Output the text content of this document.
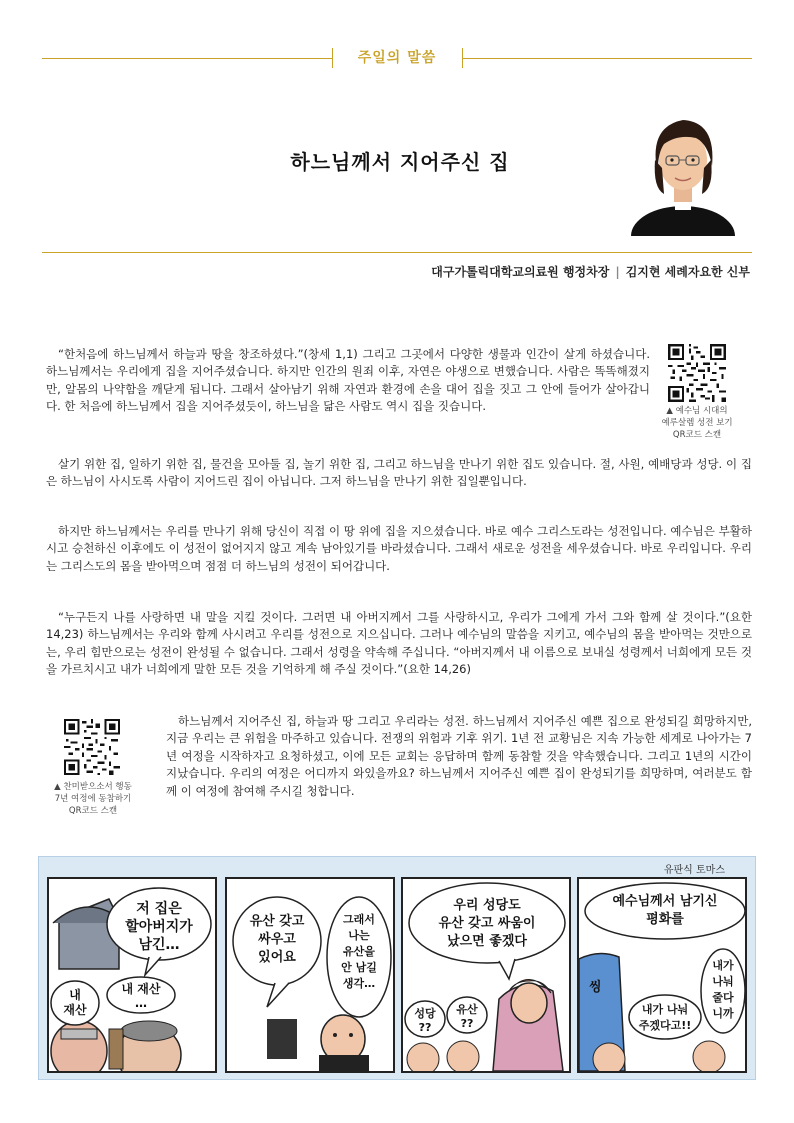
주일의 말씀
하느님께서 지어주신 집
대구가톨릭대학교의료원 행정차장 | 김지현 세례자요한 신부
“한처음에 하느님께서 하늘과 땅을 창조하셨다.”(창세 1,1) 그리고 그곳에서 다양한 생물과 인간이 살게 하셨습니다. 하느님께서는 우리에게 집을 지어주셨습니다. 하지만 인간의 원죄 이후, 자연은 야생으로 변했습니다. 사람은 똑똑해졌지만, 알몸의 나약함을 깨닫게 됩니다. 그래서 살아남기 위해 자연과 환경에 손을 대어 집을 짓고 그 안에 들어가 살아갑니다. 한 처음에 하느님께서 집을 지어주셨듯이, 하느님을 닮은 사람도 역시 집을 짓습니다.	▲ 예수님 시대의
예루살렘 성전 보기
QR코드 스캔
살기 위한 집, 일하기 위한 집, 물건을 모아둘 집, 놀기 위한 집, 그리고 하느님을 만나기 위한 집도 있습니다. 절, 사원, 예배당과 성당. 이 집은 하느님이 사시도록 사람이 지어드린 집이 아닙니다. 그저 하느님을 만나기 위한 집일뿐입니다.
하지만 하느님께서는 우리를 만나기 위해 당신이 직접 이 땅 위에 집을 지으셨습니다. 바로 예수 그리스도라는 성전입니다. 예수님은 부활하시고 승천하신 이후에도 이 성전이 없어지지 않고 계속 남아있기를 바라셨습니다. 그래서 새로운 성전을 세우셨습니다. 바로 우리입니다. 우리는 그리스도의 몸을 받아먹으며 점점 더 하느님의 성전이 되어갑니다.
“누구든지 나를 사랑하면 내 말을 지킬 것이다. 그러면 내 아버지께서 그를 사랑하시고, 우리가 그에게 가서 그와 함께 살 것이다.”(요한 14,23) 하느님께서는 우리와 함께 사시려고 우리를 성전으로 지으십니다. 그러나 예수님의 말씀을 지키고, 예수님의 몸을 받아먹는 것만으로는, 우리 힘만으로는 성전이 완성될 수 없습니다. 그래서 성령을 약속해 주십니다. “아버지께서 내 이름으로 보내실 성령께서 너희에게 모든 것을 가르치시고 내가 너희에게 말한 모든 것을 기억하게 해 주실 것이다.”(요한 14,26)
▲ 찬미받으소서 행동
7년 여정에 동참하기
QR코드 스캔
하느님께서 지어주신 집, 하늘과 땅 그리고 우리라는 성전. 하느님께서 지어주신 예쁜 집으로 완성되길 희망하지만, 지금 우리는 큰 위험을 마주하고 있습니다. 전쟁의 위험과 기후 위기. 1년 전 교황님은 지속 가능한 세계로 나아가는 7년 여정을 시작하자고 요청하셨고, 이에 모든 교회는 응답하며 함께 동참할 것을 약속했습니다. 그리고 1년의 시간이 지났습니다. 우리의 여정은 어디까지 와있을까요? 하느님께서 지어주신 예쁜 집이 완성되기를 희망하며, 여러분도 함께 이 여정에 참여해 주시길 청합니다.
유판식 토마스
저 집은
할아버지가
남긴…
내
재산
내 재산
…
유산 갖고
싸우고
있어요
그래서
나는
유산을
안 남길
생각…
우리 성당도
유산 갖고 싸움이
났으면 좋겠다
성당
??
유산
??
예수님께서 남기신
평화를
씽
내가 나눠
주겠다고!!
내가
나눠
줄다
니까
